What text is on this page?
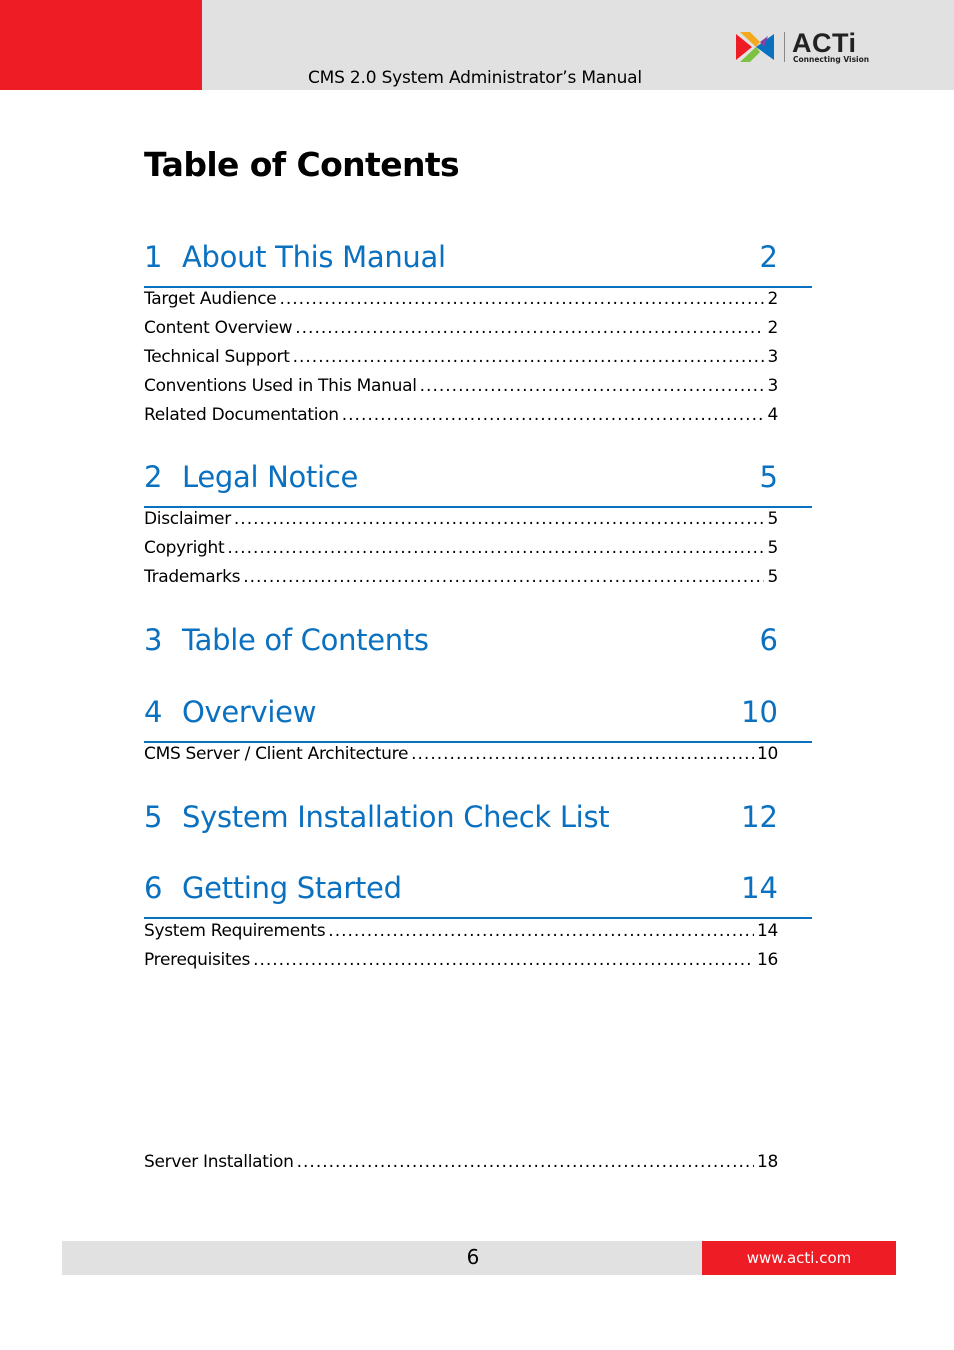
CMS 2.0 System Administrator’s Manual
ACTi
Connecting Vision
Table of Contents
1 About This Manual	2
Target Audience .....	2
Content Overview .....	2
Technical Support .....	3
Conventions Used in This Manual .....	3
Related Documentation .....	4
2 Legal Notice	5
Disclaimer .....	5
Copyright .....	5
Trademarks .....	5
3 Table of Contents	6
4 Overview	10
CMS Server / Client Architecture .....	10
5 System Installation Check List	12
6 Getting Started	14
System Requirements .....	14
Prerequisites .....	16
Server Installation .....	18
6	www.acti.com
